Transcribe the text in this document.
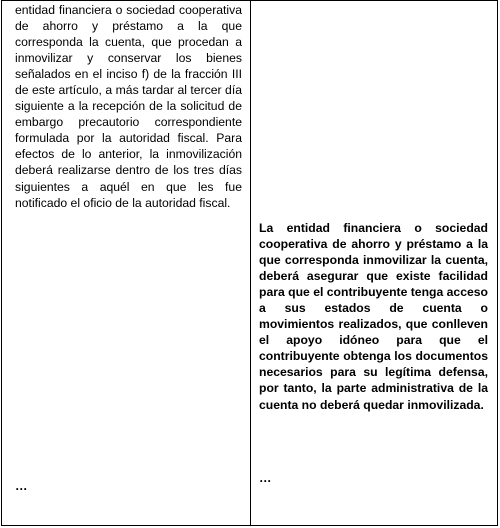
entidad financiera o sociedad cooperativa de ahorro y préstamo a la que corresponda la cuenta, que procedan a inmovilizar y conservar los bienes señalados en el inciso f) de la fracción III de este artículo, a más tardar al tercer día siguiente a la recepción de la solicitud de embargo precautorio correspondiente formulada por la autoridad fiscal. Para efectos de lo anterior, la inmovilización deberá realizarse dentro de los tres días siguientes a aquél en que les fue notificado el oficio de la autoridad fiscal.

…

La entidad financiera o sociedad cooperativa de ahorro y préstamo a la que corresponda inmovilizar la cuenta, deberá asegurar que existe facilidad para que el contribuyente tenga acceso a sus estados de cuenta o movimientos realizados, que conlleven el apoyo idóneo para que el contribuyente obtenga los documentos necesarios para su legítima defensa, por tanto, la parte administrativa de la cuenta no deberá quedar inmovilizada.

…
